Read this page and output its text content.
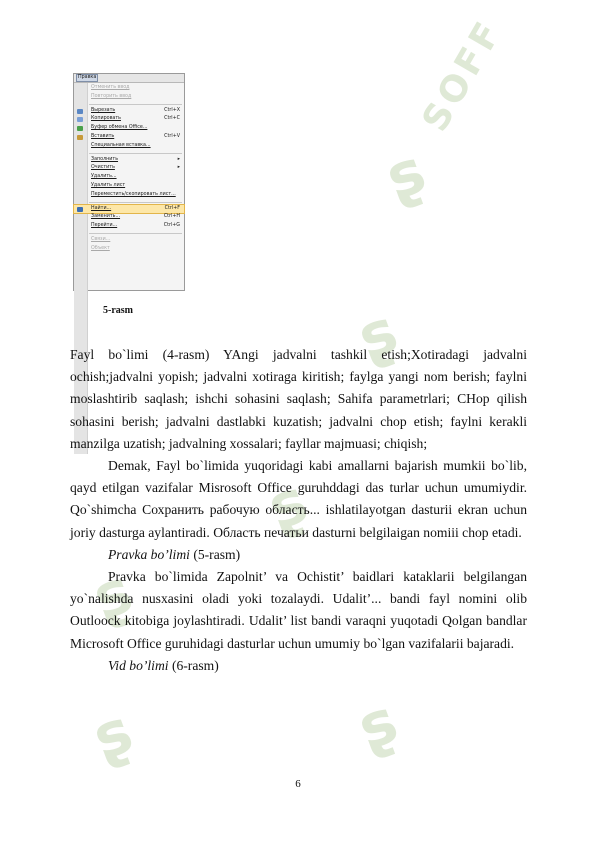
ʂ
SOFF
ʂ
ʂ
ʂ
ʂ
ʂ
Правка
Отменить ввод
Повторить ввод
Вырезать	Ctrl+X
Копировать	Ctrl+C
Буфер обмена Office...
Вставить	Ctrl+V
Специальная вставка...
Заполнить	▸
Очистить	▸
Удалить...
Удалить лист
Переместить/скопировать лист...
Найти...	Ctrl+F
Заменить...	Ctrl+H
Перейти...	Ctrl+G
Связи...
Объект
5-rasm

Fayl bo`limi (4-rasm) YAngi jadvalni tashkil etish;Xotiradagi jadvalni ochish;jadvalni yopish; jadvalni xotiraga kiritish; faylga yangi nom berish; faylni moslashtirib saqlash; ishchi sohasini saqlash; Sahifa parametrlari; CHop qilish sohasini berish; jadvalni dastlabki kuzatish; jadvalni chop etish; faylni kerakli manzilga uzatish; jadvalning xossalari; fayllar majmuasi; chiqish;

Demak, Fayl bo`limida yuqoridagi kabi amallarni bajarish mumkii bo`lib, qayd etilgan vazifalar Misrosoft Office guruhddagi das turlar uchun umumiydir. Qo`shimcha Сохранить рабочую область... ishlatilayotgan dasturii ekran uchun joriy dasturga aylantiradi. Область печатьи dasturni belgilaigan nomiii chop etadi.

Pravka bo’limi (5-rasm)

Pravka bo`limida Zapolnit’ va Ochistit’ baidlari kataklarii belgilangan yo`nalishda nusxasini oladi yoki tozalaydi. Udalit’... bandi fayl nomini olib Outloock kitobiga joylashtiradi. Udalit’ list bandi varaqni yuqotadi Qolgan bandlar Microsoft Office guruhidagi dasturlar uchun umumiy bo`lgan vazifalarii bajaradi.

Vid bo’limi (6-rasm)

6
